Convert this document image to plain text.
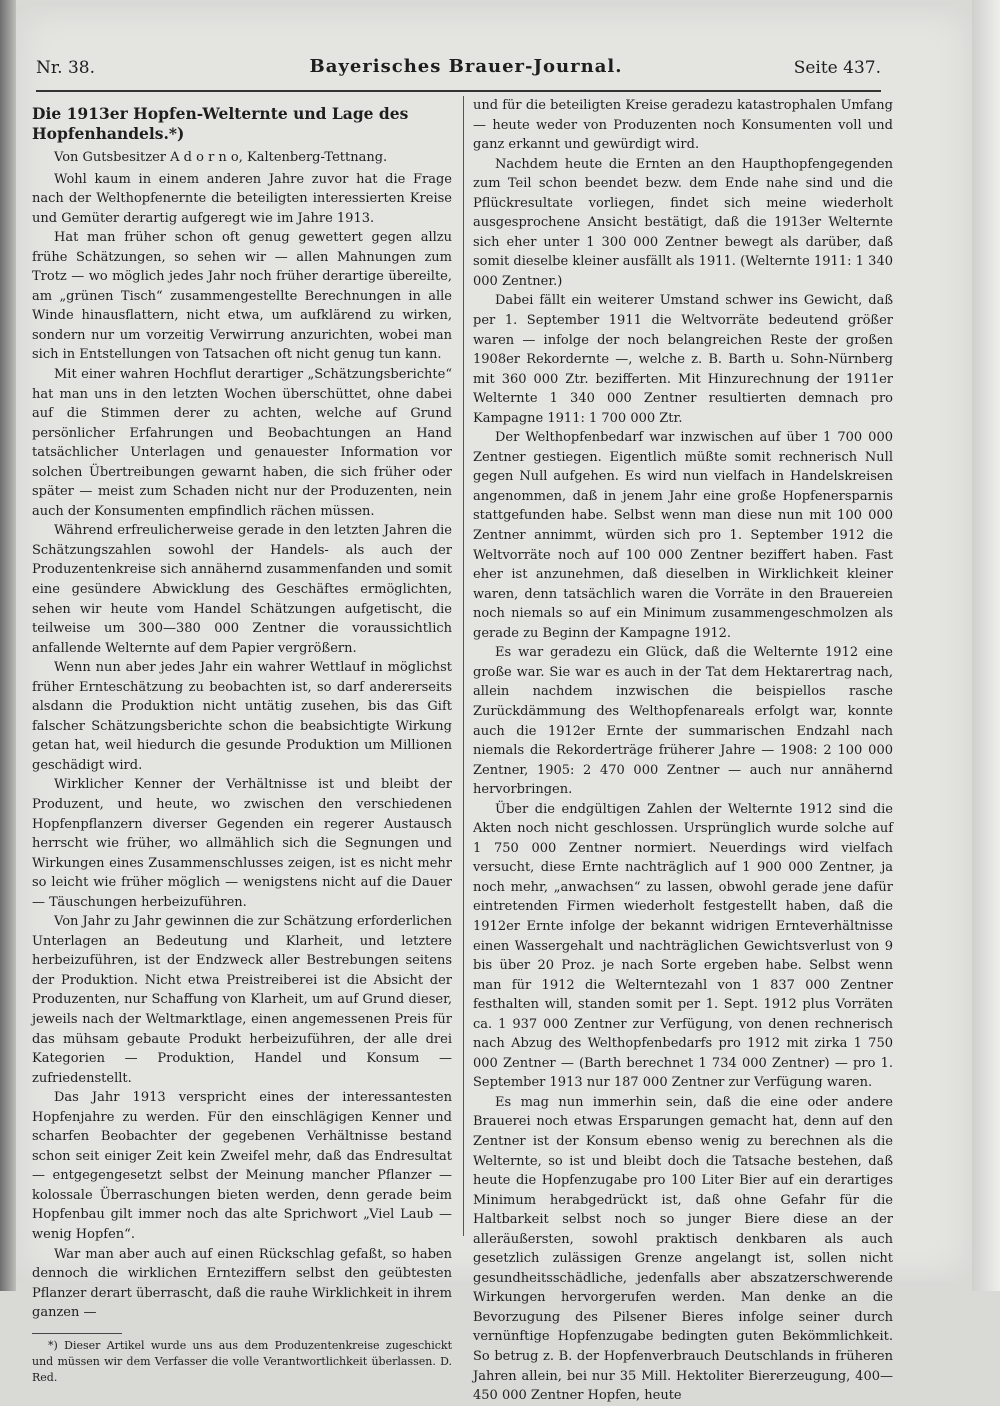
Nr. 38.	Bayerisches Brauer-Journal.	Seite 437.
Die 1913er Hopfen-Welternte und Lage des Hopfenhandels.*)
Von Gutsbesitzer A d o r n o, Kaltenberg-Tettnang.

Wohl kaum in einem anderen Jahre zuvor hat die Frage nach der Welthopfenernte die beteiligten interessierten Kreise und Gemüter derartig aufgeregt wie im Jahre 1913.

Hat man früher schon oft genug gewettert gegen allzu frühe Schätzungen, so sehen wir — allen Mahnungen zum Trotz — wo möglich jedes Jahr noch früher derartige übereilte, am „grünen Tisch“ zusammengestellte Berechnungen in alle Winde hinausflattern, nicht etwa, um aufklärend zu wirken, sondern nur um vorzeitig Verwirrung anzurichten, wobei man sich in Entstellungen von Tatsachen oft nicht genug tun kann.

Mit einer wahren Hochflut derartiger „Schätzungsberichte“ hat man uns in den letzten Wochen überschüttet, ohne dabei auf die Stimmen derer zu achten, welche auf Grund persönlicher Erfahrungen und Beobachtungen an Hand tatsächlicher Unterlagen und genauester Information vor solchen Übertreibungen gewarnt haben, die sich früher oder später — meist zum Schaden nicht nur der Produzenten, nein auch der Konsumenten empfindlich rächen müssen.

Während erfreulicherweise gerade in den letzten Jahren die Schätzungszahlen sowohl der Handels- als auch der Produzentenkreise sich annähernd zusammenfanden und somit eine gesündere Abwicklung des Geschäftes ermöglichten, sehen wir heute vom Handel Schätzungen aufgetischt, die teilweise um 300—380 000 Zentner die voraussichtlich anfallende Welternte auf dem Papier vergrößern.

Wenn nun aber jedes Jahr ein wahrer Wettlauf in möglichst früher Ernteschätzung zu beobachten ist, so darf andererseits alsdann die Produktion nicht untätig zusehen, bis das Gift falscher Schätzungsberichte schon die beabsichtigte Wirkung getan hat, weil hiedurch die gesunde Produktion um Millionen geschädigt wird.

Wirklicher Kenner der Verhältnisse ist und bleibt der Produzent, und heute, wo zwischen den verschiedenen Hopfenpflanzern diverser Gegenden ein regerer Austausch herrscht wie früher, wo allmählich sich die Segnungen und Wirkungen eines Zusammenschlusses zeigen, ist es nicht mehr so leicht wie früher möglich — wenigstens nicht auf die Dauer — Täuschungen herbeizuführen.

Von Jahr zu Jahr gewinnen die zur Schätzung erforderlichen Unterlagen an Bedeutung und Klarheit, und letztere herbeizuführen, ist der Endzweck aller Bestrebungen seitens der Produktion. Nicht etwa Preistreiberei ist die Absicht der Produzenten, nur Schaffung von Klarheit, um auf Grund dieser, jeweils nach der Weltmarktlage, einen angemessenen Preis für das mühsam gebaute Produkt herbeizuführen, der alle drei Kategorien — Produktion, Handel und Konsum — zufriedenstellt.

Das Jahr 1913 verspricht eines der interessantesten Hopfenjahre zu werden. Für den einschlägigen Kenner und scharfen Beobachter der gegebenen Verhältnisse bestand schon seit einiger Zeit kein Zweifel mehr, daß das Endresultat — entgegengesetzt selbst der Meinung mancher Pflanzer — kolossale Überraschungen bieten werden, denn gerade beim Hopfenbau gilt immer noch das alte Sprichwort „Viel Laub — wenig Hopfen“.

War man aber auch auf einen Rückschlag gefaßt, so haben dennoch die wirklichen Ernteziffern selbst den geübtesten Pflanzer derart überrascht, daß die rauhe Wirklichkeit in ihrem ganzen —

*) Dieser Artikel wurde uns aus dem Produzentenkreise zugeschickt und müssen wir dem Verfasser die volle Verantwortlichkeit überlassen. D. Red.

und für die beteiligten Kreise geradezu katastrophalen Umfang — heute weder von Produzenten noch Konsumenten voll und ganz erkannt und gewürdigt wird.

Nachdem heute die Ernten an den Haupthopfengegenden zum Teil schon beendet bezw. dem Ende nahe sind und die Pflückresultate vorliegen, findet sich meine wiederholt ausgesprochene Ansicht bestätigt, daß die 1913er Welternte sich eher unter 1 300 000 Zentner bewegt als darüber, daß somit dieselbe kleiner ausfällt als 1911. (Welternte 1911: 1 340 000 Zentner.)

Dabei fällt ein weiterer Umstand schwer ins Gewicht, daß per 1. September 1911 die Weltvorräte bedeutend größer waren — infolge der noch belangreichen Reste der großen 1908er Rekordernte —, welche z. B. Barth u. Sohn-Nürnberg mit 360 000 Ztr. bezifferten. Mit Hinzurechnung der 1911er Welternte 1 340 000 Zentner resultierten demnach pro Kampagne 1911: 1 700 000 Ztr.

Der Welthopfenbedarf war inzwischen auf über 1 700 000 Zentner gestiegen. Eigentlich müßte somit rechnerisch Null gegen Null aufgehen. Es wird nun vielfach in Handelskreisen angenommen, daß in jenem Jahr eine große Hopfenersparnis stattgefunden habe. Selbst wenn man diese nun mit 100 000 Zentner annimmt, würden sich pro 1. September 1912 die Weltvorräte noch auf 100 000 Zentner beziffert haben. Fast eher ist anzunehmen, daß dieselben in Wirklichkeit kleiner waren, denn tatsächlich waren die Vorräte in den Brauereien noch niemals so auf ein Minimum zusammengeschmolzen als gerade zu Beginn der Kampagne 1912.

Es war geradezu ein Glück, daß die Welternte 1912 eine große war. Sie war es auch in der Tat dem Hektarertrag nach, allein nachdem inzwischen die beispiellos rasche Zurückdämmung des Welthopfenareals erfolgt war, konnte auch die 1912er Ernte der summarischen Endzahl nach niemals die Rekorderträge früherer Jahre — 1908: 2 100 000 Zentner, 1905: 2 470 000 Zentner — auch nur annähernd hervorbringen.

Über die endgültigen Zahlen der Welternte 1912 sind die Akten noch nicht geschlossen. Ursprünglich wurde solche auf 1 750 000 Zentner normiert. Neuerdings wird vielfach versucht, diese Ernte nachträglich auf 1 900 000 Zentner, ja noch mehr, „anwachsen“ zu lassen, obwohl gerade jene dafür eintretenden Firmen wiederholt festgestellt haben, daß die 1912er Ernte infolge der bekannt widrigen Ernteverhältnisse einen Wassergehalt und nachträglichen Gewichtsverlust von 9 bis über 20 Proz. je nach Sorte ergeben habe. Selbst wenn man für 1912 die Welterntezahl von 1 837 000 Zentner festhalten will, standen somit per 1. Sept. 1912 plus Vorräten ca. 1 937 000 Zentner zur Verfügung, von denen rechnerisch nach Abzug des Welthopfenbedarfs pro 1912 mit zirka 1 750 000 Zentner — (Barth berechnet 1 734 000 Zentner) — pro 1. September 1913 nur 187 000 Zentner zur Verfügung waren.

Es mag nun immerhin sein, daß die eine oder andere Brauerei noch etwas Ersparungen gemacht hat, denn auf den Zentner ist der Konsum ebenso wenig zu berechnen als die Welternte, so ist und bleibt doch die Tatsache bestehen, daß heute die Hopfenzugabe pro 100 Liter Bier auf ein derartiges Minimum herabgedrückt ist, daß ohne Gefahr für die Haltbarkeit selbst noch so junger Biere diese an der alleräußersten, sowohl praktisch denkbaren als auch gesetzlich zulässigen Grenze angelangt ist, sollen nicht gesundheitsschädliche, jedenfalls aber abszatzerschwerende Wirkungen hervorgerufen werden. Man denke an die Bevorzugung des Pilsener Bieres infolge seiner durch vernünftige Hopfenzugabe bedingten guten Bekömmlichkeit. So betrug z. B. der Hopfenverbrauch Deutschlands in früheren Jahren allein, bei nur 35 Mill. Hektoliter Biererzeugung, 400—450 000 Zentner Hopfen, heute
